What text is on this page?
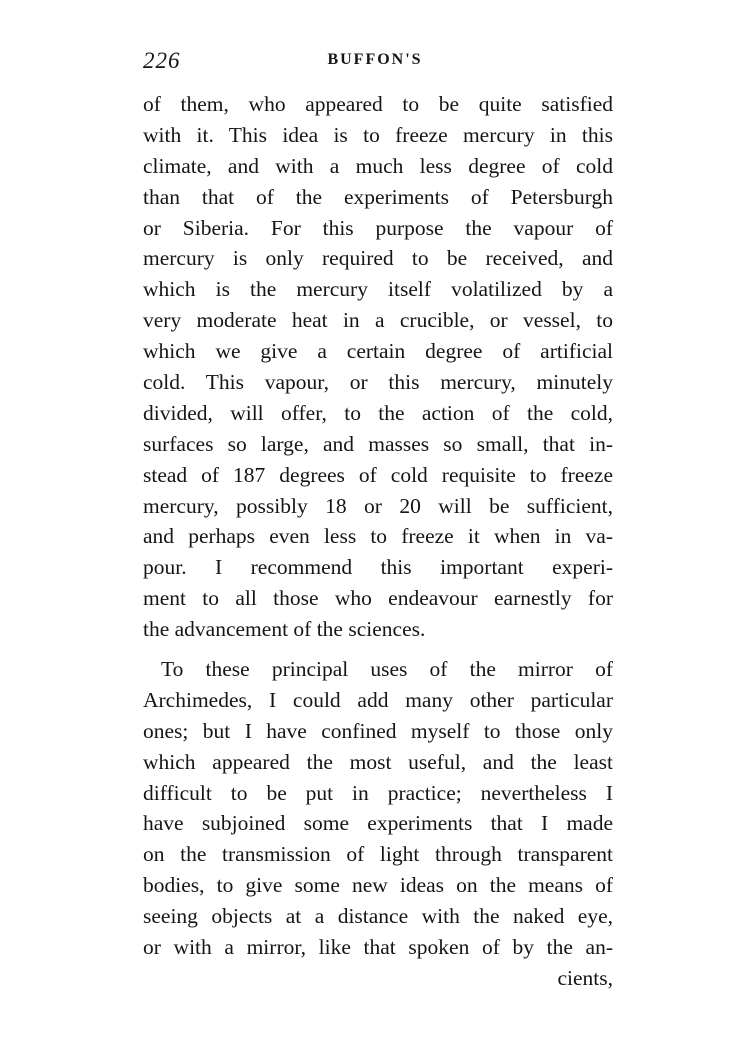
226	BUFFON'S
of them, who appeared to be quite satisfied
with it. This idea is to freeze mercury in this
climate, and with a much less degree of cold
than that of the experiments of Petersburgh
or Siberia. For this purpose the vapour of
mercury is only required to be received, and
which is the mercury itself volatilized by a
very moderate heat in a crucible, or vessel, to
which we give a certain degree of artificial
cold. This vapour, or this mercury, minutely
divided, will offer, to the action of the cold,
surfaces so large, and masses so small, that in-
stead of 187 degrees of cold requisite to freeze
mercury, possibly 18 or 20 will be sufficient,
and perhaps even less to freeze it when in va-
pour. I recommend this important experi-
ment to all those who endeavour earnestly for
the advancement of the sciences.
To these principal uses of the mirror of
Archimedes, I could add many other particular
ones; but I have confined myself to those only
which appeared the most useful, and the least
difficult to be put in practice; nevertheless I
have subjoined some experiments that I made
on the transmission of light through transparent
bodies, to give some new ideas on the means of
seeing objects at a distance with the naked eye,
or with a mirror, like that spoken of by the an-
cients,
